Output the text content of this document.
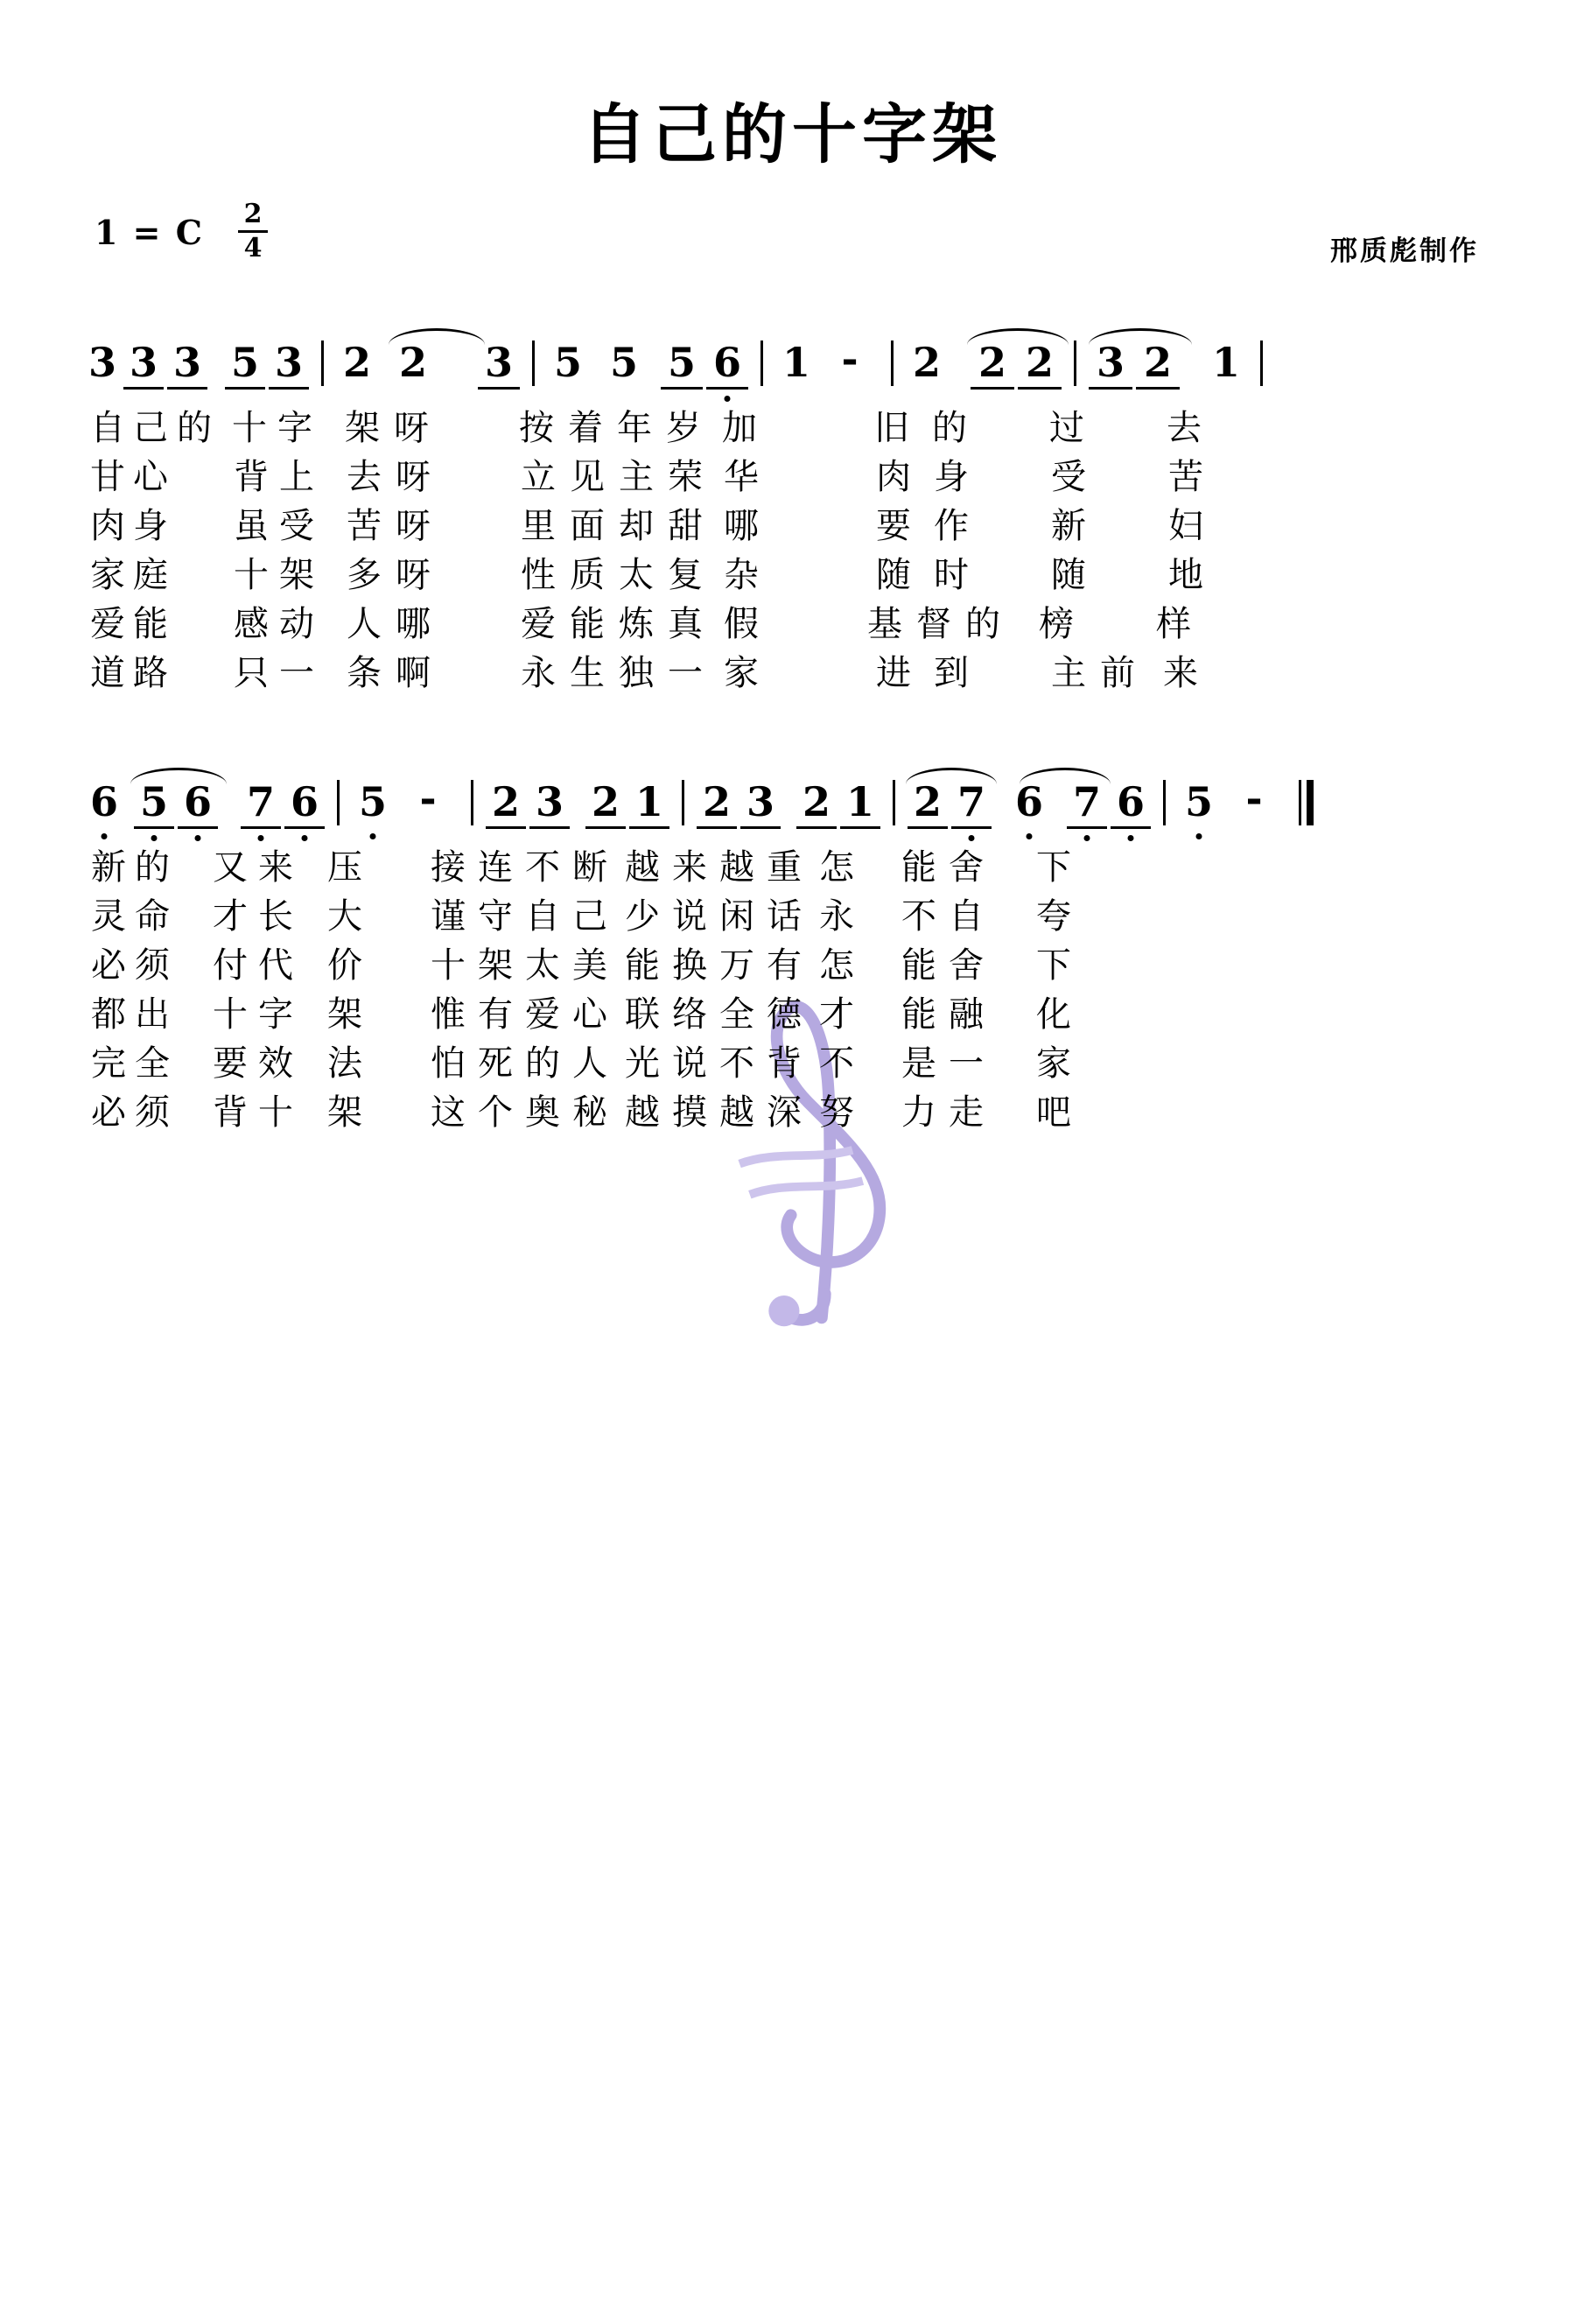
自己的十字架
1 = C 2
4	邢质彪制作
3 3 3 5 3 2 2 3 5 5 5 6 1 -	2 2 2 3 2 1
自 己 的 十 字 架 呀	按 着 年 岁 加	旧 的 过 去
甘 心 背 上 去 呀	立 见 主 荣 华	肉 身 受 苦
肉 身 虽 受 苦 呀	里 面 却 甜 哪	要 作 新 妇
家 庭 十 架 多 呀	性 质 太 复 杂	随 时 随 地
爱 能 感 动 人 哪	爱 能 炼 真 假	基 督 的 榜 样
道 路 只 一 条 啊	永 生 独 一 家	进 到 主 前 来
6 5 6 7 6 5 -	2 3 2 1 2 3 2 1 2 7 6 7 6 5 -
新 的 又 来 压 接 连 不 断 越 来 越 重 怎 能 舍 下
灵 命 才 长 大 谨 守 自 己 少 说 闲 话 永 不 自 夸
必 须 付 代 价 十 架 太 美 能 换 万 有 怎 能 舍 下
都 出 十 字 架 惟 有 爱 心 联 络 全 德 才 能 融 化
完 全 要 效 法 怕 死 的 人 光 说 不 背 不 是 一 家
必 须 背 十 架 这 个 奥 秘 越 摸 越 深 努 力 走 吧
